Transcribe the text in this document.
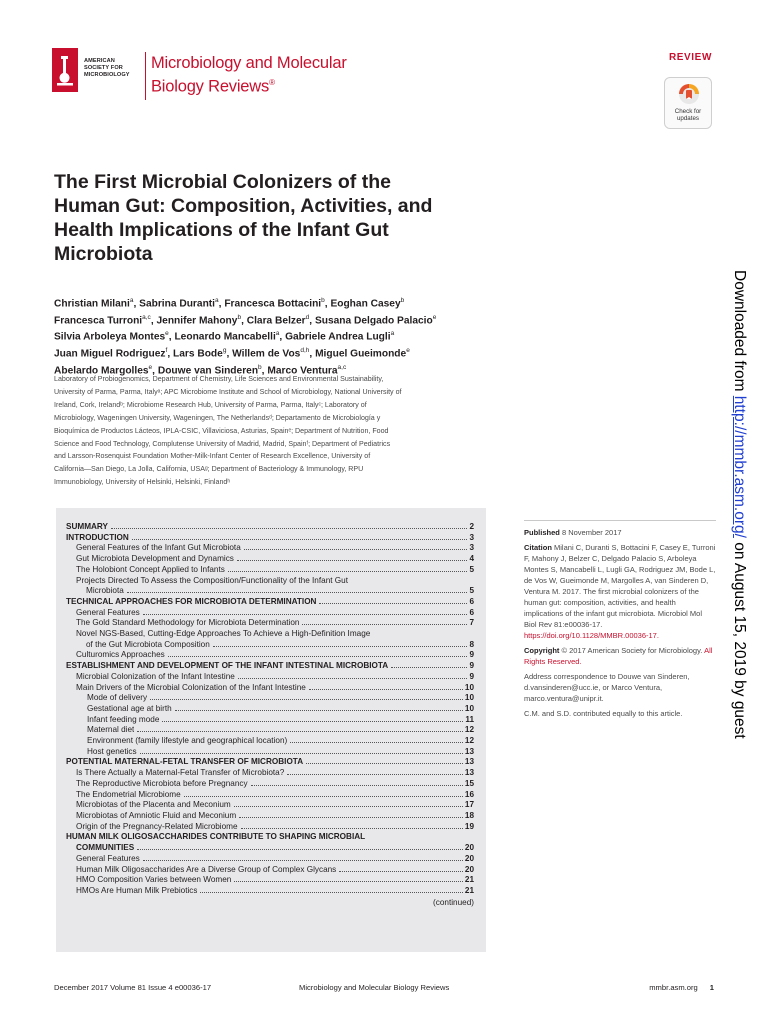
AMERICAN
SOCIETY FOR
MICROBIOLOGY
Microbiology and Molecular
Biology Reviews®
REVIEW
Check for
updates
The First Microbial Colonizers of the
Human Gut: Composition, Activities, and
Health Implications of the Infant Gut
Microbiota
Christian Milani$^a$, Sabrina Duranti$^a$, Francesca Bottacini$^b$, Eoghan Casey$^b$
Francesca Turroni$^{a,c}$, Jennifer Mahony$^b$, Clara Belzer$^d$, Susana Delgado Palacio$^e$
Silvia Arboleya Montes$^e$, Leonardo Mancabelli$^a$, Gabriele Andrea Lugli$^a$
Juan Miguel Rodriguez$^f$, Lars Bode$^g$, Willem de Vos$^{d,h}$, Miguel Gueimonde$^e$
Abelardo Margolles$^e$, Douwe van Sinderen$^b$, Marco Ventura$^{a,c}$
Laboratory of Probiogenomics, Department of Chemistry, Life Sciences and Environmental Sustainability,
University of Parma, Parma, Italyᵃ; APC Microbiome Institute and School of Microbiology, National University of
Ireland, Cork, Irelandᵇ; Microbiome Research Hub, University of Parma, Parma, Italyᶜ; Laboratory of
Microbiology, Wageningen University, Wageningen, The Netherlandsᵈ; Departamento de Microbiología y
Bioquímica de Productos Lácteos, IPLA-CSIC, Villaviciosa, Asturias, Spainᵉ; Department of Nutrition, Food
Science and Food Technology, Complutense University of Madrid, Madrid, Spainᶠ; Department of Pediatrics
and Larsson-Rosenquist Foundation Mother-Milk-Infant Center of Research Excellence, University of
California—San Diego, La Jolla, California, USAᵍ; Department of Bacteriology & Immunology, RPU
Immunobiology, University of Helsinki, Helsinki, Finlandʰ
Downloaded from http://mmbr.asm.org/ on August 15, 2019 by guest
SUMMARY	2
INTRODUCTION	3
General Features of the Infant Gut Microbiota	3
Gut Microbiota Development and Dynamics	4
The Holobiont Concept Applied to Infants	5
Projects Directed To Assess the Composition/Functionality of the Infant Gut
Microbiota	5
TECHNICAL APPROACHES FOR MICROBIOTA DETERMINATION	6
General Features	6
The Gold Standard Methodology for Microbiota Determination	7
Novel NGS-Based, Cutting-Edge Approaches To Achieve a High-Definition Image
of the Gut Microbiota Composition	8
Culturomics Approaches	9
ESTABLISHMENT AND DEVELOPMENT OF THE INFANT INTESTINAL MICROBIOTA	9
Microbial Colonization of the Infant Intestine	9
Main Drivers of the Microbial Colonization of the Infant Intestine	10
Mode of delivery	10
Gestational age at birth	10
Infant feeding mode	11
Maternal diet	12
Environment (family lifestyle and geographical location)	12
Host genetics	13
POTENTIAL MATERNAL-FETAL TRANSFER OF MICROBIOTA	13
Is There Actually a Maternal-Fetal Transfer of Microbiota?	13
The Reproductive Microbiota before Pregnancy	15
The Endometrial Microbiome	16
Microbiotas of the Placenta and Meconium	17
Microbiotas of Amniotic Fluid and Meconium	18
Origin of the Pregnancy-Related Microbiome	19
HUMAN MILK OLIGOSACCHARIDES CONTRIBUTE TO SHAPING MICROBIAL
COMMUNITIES	20
General Features	20
Human Milk Oligosaccharides Are a Diverse Group of Complex Glycans	20
HMO Composition Varies between Women	21
HMOs Are Human Milk Prebiotics	21
(continued)

Published 8 November 2017

Citation Milani C, Duranti S, Bottacini F, Casey E, Turroni F, Mahony J, Belzer C, Delgado Palacio S, Arboleya Montes S, Mancabelli L, Lugli GA, Rodriguez JM, Bode L, de Vos W, Gueimonde M, Margolles A, van Sinderen D, Ventura M. 2017. The first microbial colonizers of the human gut: composition, activities, and health implications of the infant gut microbiota. Microbiol Mol Biol Rev 81:e00036-17. https://doi.org/10.1128/MMBR.00036-17.

Copyright © 2017 American Society for Microbiology. All Rights Reserved.

Address correspondence to Douwe van Sinderen, d.vansinderen@ucc.ie, or Marco Ventura, marco.ventura@unipr.it.

C.M. and S.D. contributed equally to this article.

December 2017 Volume 81 Issue 4 e00036-17	Microbiology and Molecular Biology Reviews	mmbr.asm.org 1
